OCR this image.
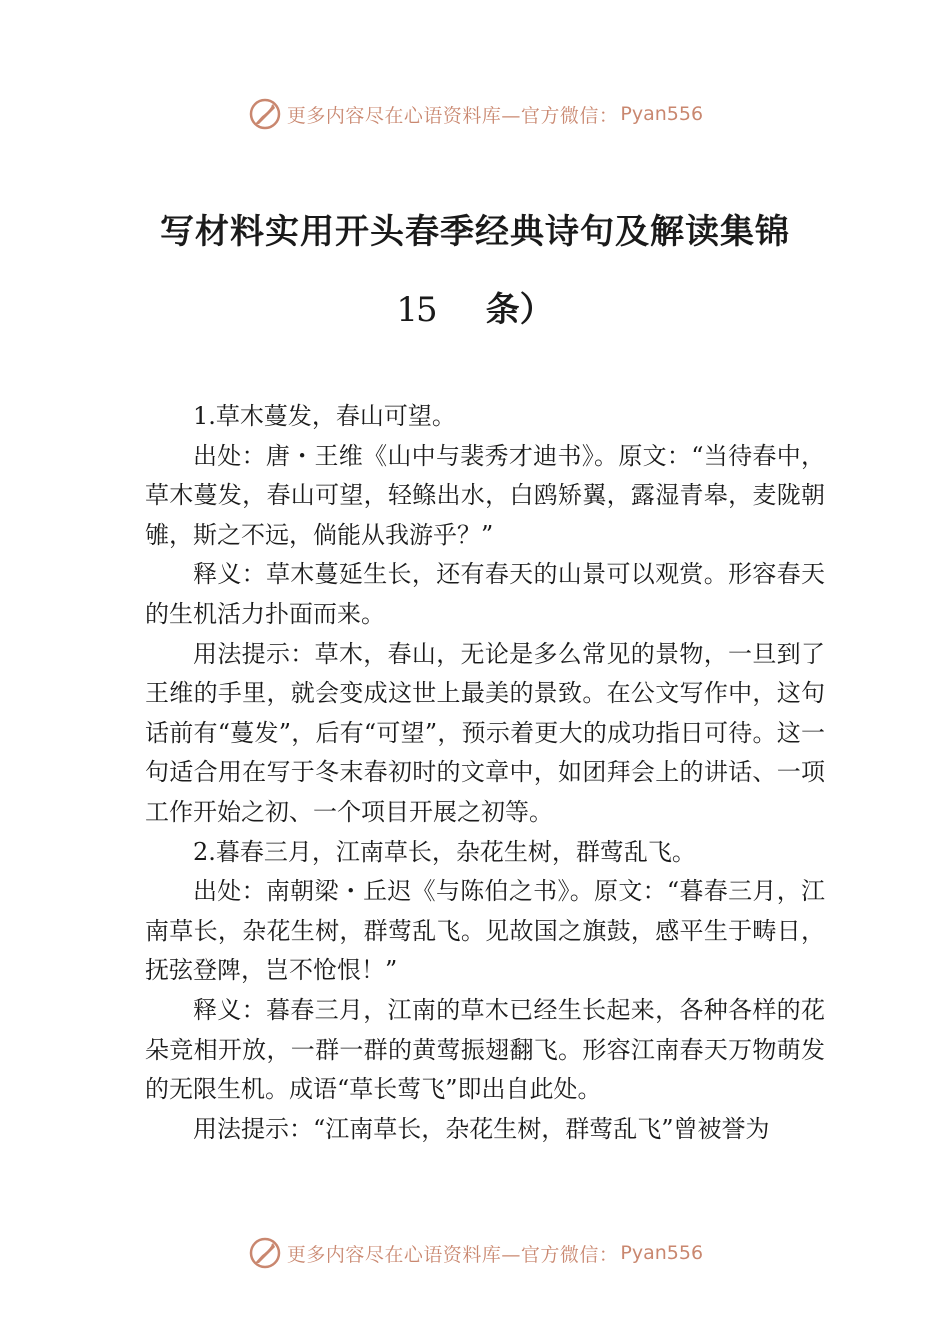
更多内容尽在心语资料库—官方微信： Pyan556
写材料实用开头春季经典诗句及解读集锦
15 条）

1.草木蔓发，春山可望。

出处：唐・王维《山中与裴秀才迪书》。原文：“当待春中，草木蔓发，春山可望，轻鲦出水，白鸥矫翼，露湿青皋，麦陇朝雊，斯之不远，倘能从我游乎？”

释义：草木蔓延生长，还有春天的山景可以观赏。形容春天的生机活力扑面而来。

用法提示：草木，春山，无论是多么常见的景物，一旦到了王维的手里，就会变成这世上最美的景致。在公文写作中，这句话前有“蔓发”，后有“可望”，预示着更大的成功指日可待。这一句适合用在写于冬末春初时的文章中，如团拜会上的讲话、一项工作开始之初、一个项目开展之初等。

2.暮春三月，江南草长，杂花生树，群莺乱飞。

出处：南朝梁・丘迟《与陈伯之书》。原文：“暮春三月，江南草长，杂花生树，群莺乱飞。见故国之旗鼓，感平生于畴日，抚弦登陴，岂不怆恨！”

释义：暮春三月，江南的草木已经生长起来，各种各样的花朵竞相开放，一群一群的黄莺振翅翻飞。形容江南春天万物萌发的无限生机。成语“草长莺飞”即出自此处。

用法提示：“江南草长，杂花生树，群莺乱飞”曾被誉为

更多内容尽在心语资料库—官方微信： Pyan556
